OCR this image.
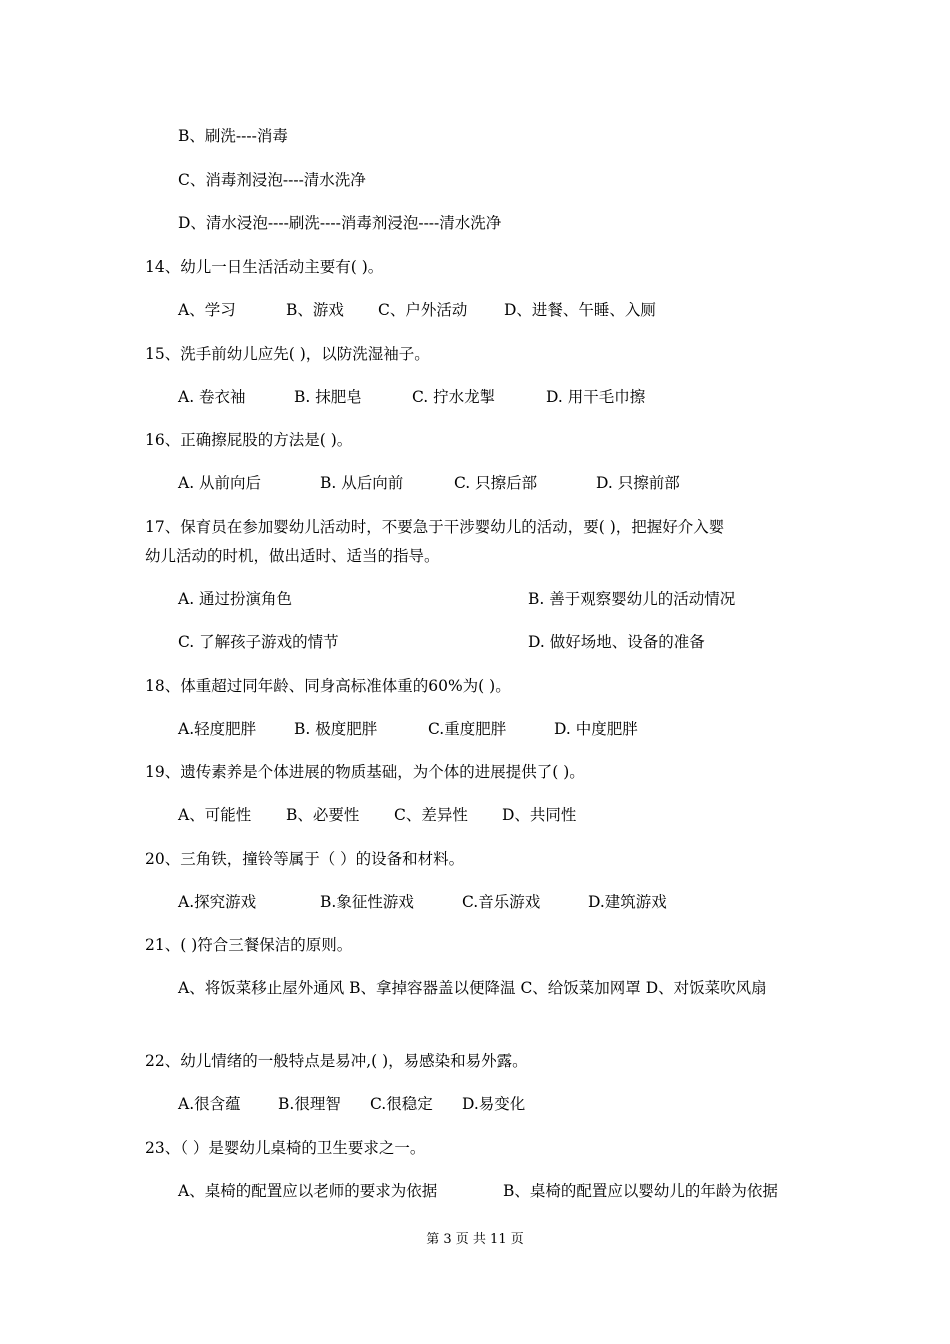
B、刷洗----消毒
C、消毒剂浸泡----清水洗净
D、清水浸泡----刷洗----消毒剂浸泡----清水洗净
14、幼儿一日生活活动主要有( )。
A、学习	B、游戏 C、户外活动 D、进餐、午睡、入厕
15、洗手前幼儿应先( )，以防洗湿袖子。
A. 卷衣袖	B. 抹肥皂	C. 拧水龙掣	D. 用干毛巾擦
16、正确擦屁股的方法是( )。
A. 从前向后	B. 从后向前	C. 只擦后部	D. 只擦前部
17、保育员在参加婴幼儿活动时，不要急于干涉婴幼儿的活动，要( )，把握好介入婴
幼儿活动的时机，做出适时、适当的指导。
A. 通过扮演角色	B. 善于观察婴幼儿的活动情况
C. 了解孩子游戏的情节	D. 做好场地、设备的准备
18、体重超过同年龄、同身高标准体重的60%为( )。
A.轻度肥胖 B. 极度肥胖	C.重度肥胖	D. 中度肥胖
19、遗传素养是个体进展的物质基础，为个体的进展提供了( )。
A、可能性 B、必要性 C、差异性 D、共同性
20、三角铁，撞铃等属于（ ）的设备和材料。
A.探究游戏	B.象征性游戏	C.音乐游戏	D.建筑游戏
21、( )符合三餐保洁的原则。
A、将饭菜移止屋外通风 B、拿掉容器盖以便降温 C、给饭菜加网罩 D、对饭菜吹风扇
22、幼儿情绪的一般特点是易冲,( )，易感染和易外露。
A.很含蕴 B.很理智 C.很稳定 D.易变化
23、（ ）是婴幼儿桌椅的卫生要求之一。
A、桌椅的配置应以老师的要求为依据	B、桌椅的配置应以婴幼儿的年龄为依据
第 3 页 共 11 页
